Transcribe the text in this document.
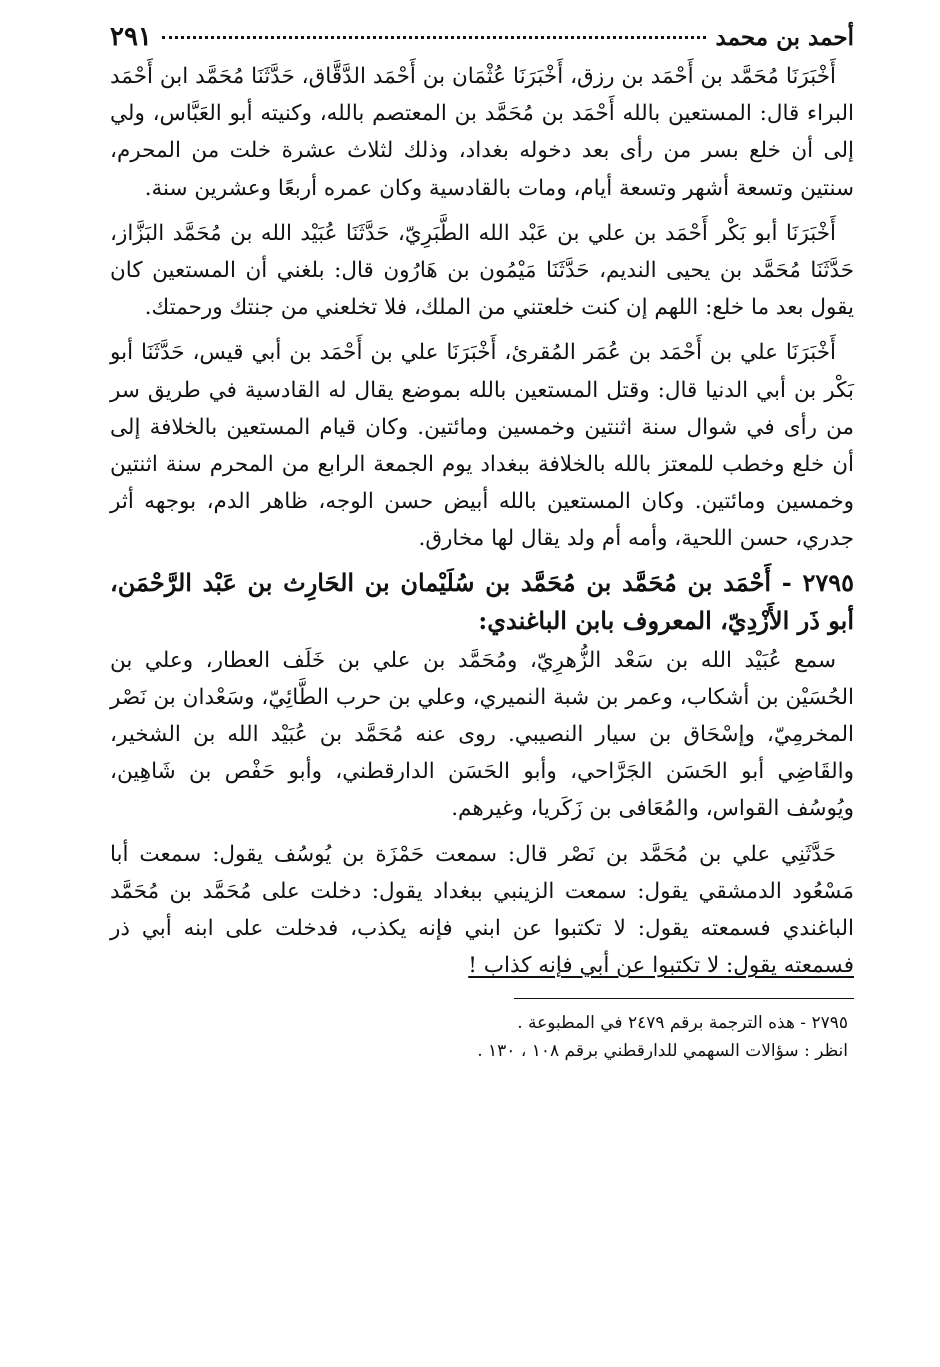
أحمد بن محمد
٢٩١

أَخْبَرَنَا مُحَمَّد بن أَحْمَد بن رزق، أَخْبَرَنَا عُثْمَان بن أَحْمَد الدَّقَّاق، حَدَّثَنَا مُحَمَّد ابن أَحْمَد البراء قال: المستعين بالله أَحْمَد بن مُحَمَّد بن المعتصم بالله، وكنيته أبو العَبَّاس، ولي إلى أن خلع بسر من رأى بعد دخوله بغداد، وذلك لثلاث عشرة خلت من المحرم، سنتين وتسعة أشهر وتسعة أيام، ومات بالقادسية وكان عمره أربعًا وعشرين سنة.

أَخْبَرَنَا أبو بَكْر أَحْمَد بن علي بن عَبْد الله الطَّبَرِيّ، حَدَّثَنَا عُبَيْد الله بن مُحَمَّد البَزَّاز، حَدَّثَنَا مُحَمَّد بن يحيى النديم، حَدَّثَنَا مَيْمُون بن هَارُون قال: بلغني أن المستعين كان يقول بعد ما خلع: اللهم إن كنت خلعتني من الملك، فلا تخلعني من جنتك ورحمتك.

أَخْبَرَنَا علي بن أَحْمَد بن عُمَر المُقرئ، أَخْبَرَنَا علي بن أَحْمَد بن أبي قيس، حَدَّثَنَا أبو بَكْر بن أبي الدنيا قال: وقتل المستعين بالله بموضع يقال له القادسية في طريق سر من رأى في شوال سنة اثنتين وخمسين ومائتين. وكان قيام المستعين بالخلافة إلى أن خلع وخطب للمعتز بالله بالخلافة ببغداد يوم الجمعة الرابع من المحرم سنة اثنتين وخمسين ومائتين. وكان المستعين بالله أبيض حسن الوجه، ظاهر الدم، بوجهه أثر جدري، حسن اللحية، وأمه أم ولد يقال لها مخارق.

٢٧٩٥ - أَحْمَد بن مُحَمَّد بن مُحَمَّد بن سُلَيْمان بن الحَارِث بن عَبْد الرَّحْمَن، أبو ذَر الأَزْدِيّ، المعروف بابن الباغندي:

سمع عُبَيْد الله بن سَعْد الزُّهرِيّ، ومُحَمَّد بن علي بن خَلَف العطار، وعلي بن الحُسَيْن بن أشكاب، وعمر بن شبة النميري، وعلي بن حرب الطَّائِيّ، وسَعْدان بن نَصْر المخرمِيّ، وإسْحَاق بن سيار النصيبي. روى عنه مُحَمَّد بن عُبَيْد الله بن الشخير، والقَاضِي أبو الحَسَن الجَرَّاحي، وأبو الحَسَن الدارقطني، وأبو حَفْص بن شَاهِين، ويُوسُف القواس، والمُعَافى بن زَكَريا، وغيرهم.

حَدَّثَنِي علي بن مُحَمَّد بن نَصْر قال: سمعت حَمْزَة بن يُوسُف يقول: سمعت أبا مَسْعُود الدمشقي يقول: سمعت الزينبي ببغداد يقول: دخلت على مُحَمَّد بن مُحَمَّد الباغندي فسمعته يقول: لا تكتبوا عن ابني فإنه يكذب، فدخلت على ابنه أبي ذر فسمعته يقول: لا تكتبوا عن أبي فإنه كذاب !

٢٧٩٥ - هذه الترجمة برقم ٢٤٧٩ في المطبوعة .

انظر : سؤالات السهمي للدارقطني برقم ١٠٨ ، ١٣٠ .
